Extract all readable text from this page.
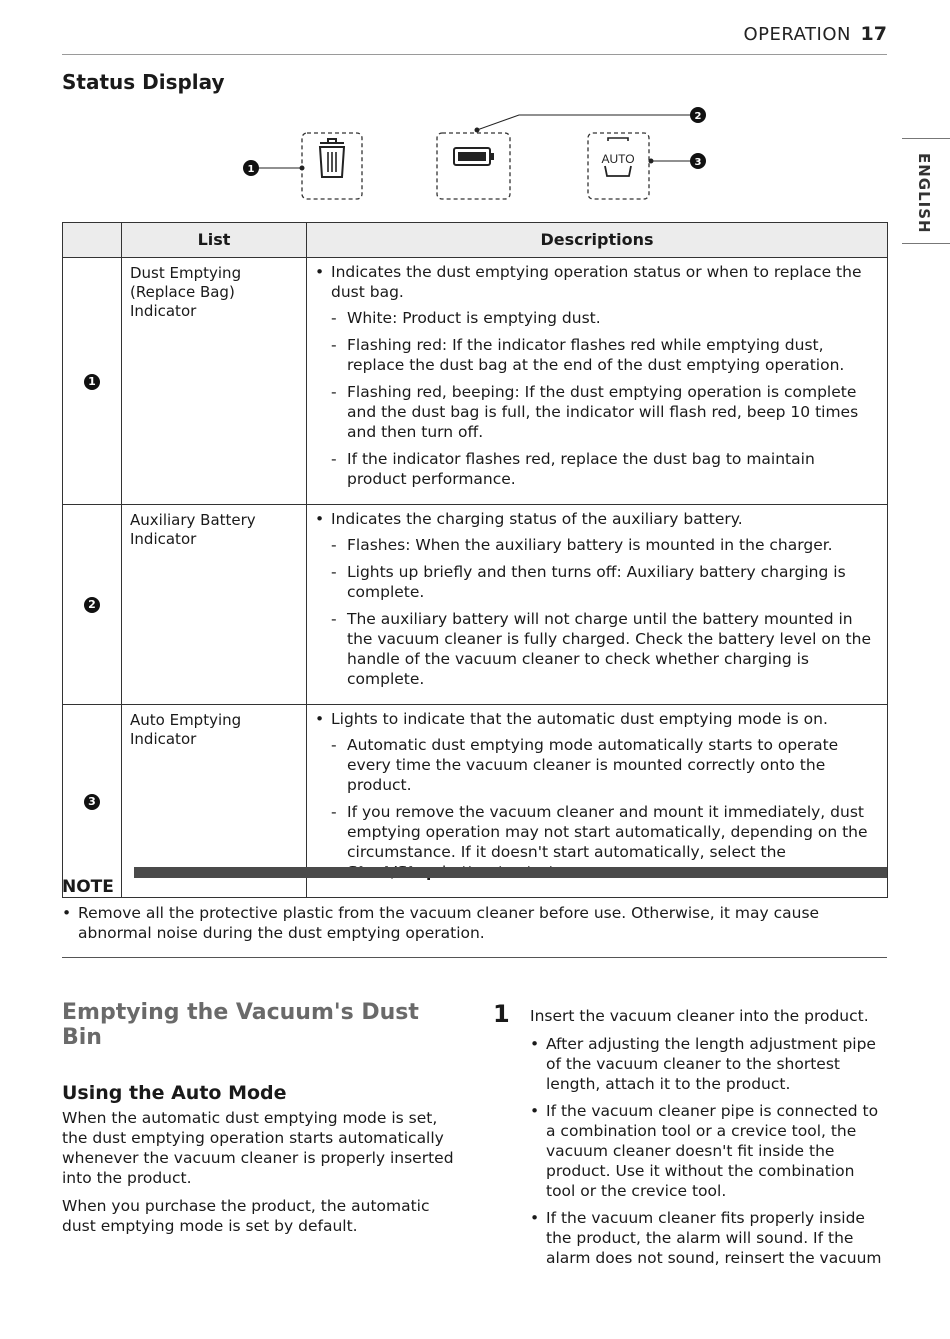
OPERATION 17
ENGLISH
Status Display
AUTO
1
2
3
	List	Descriptions
1	Dust Emptying (Replace Bag) Indicator	• Indicates the dust emptying operation status or when to replace the dust bag.
- White: Product is emptying dust.
- Flashing red: If the indicator flashes red while emptying dust, replace the dust bag at the end of the dust emptying operation.
- Flashing red, beeping: If the dust emptying operation is complete and the dust bag is full, the indicator will flash red, beep 10 times and then turn off.
- If the indicator flashes red, replace the dust bag to maintain product performance.

2	Auxiliary Battery Indicator	• Indicates the charging status of the auxiliary battery.
- Flashes: When the auxiliary battery is mounted in the charger.
- Lights up briefly and then turns off: Auxiliary battery charging is complete.
- The auxiliary battery will not charge until the battery mounted in the vacuum cleaner is fully charged. Check the battery level on the handle of the vacuum cleaner to check whether charging is complete.

3	Auto Emptying Indicator	• Lights to indicate that the automatic dust emptying mode is on.
- Automatic dust emptying mode automatically starts to operate every time the vacuum cleaner is mounted correctly onto the product.
- If you remove the vacuum cleaner and mount it immediately, dust emptying operation may not start automatically, depending on the circumstance. If it doesn't start automatically, select the
NOTE
• Remove all the protective plastic from the vacuum cleaner before use. Otherwise, it may cause abnormal noise during the dust emptying operation.
Emptying the Vacuum's Dust Bin
Using the Auto Mode

When the automatic dust emptying mode is set, the dust emptying operation starts automatically whenever the vacuum cleaner is properly inserted into the product.

When you purchase the product, the automatic dust emptying mode is set by default.

1 Insert the vacuum cleaner into the product.
• After adjusting the length adjustment pipe of the vacuum cleaner to the shortest length, attach it to the product.
• If the vacuum cleaner pipe is connected to a combination tool or a crevice tool, the vacuum cleaner doesn't fit inside the product. Use it without the combination tool or the crevice tool.
• If the vacuum cleaner fits properly inside the product, the alarm will sound. If the alarm does not sound, reinsert the vacuum
